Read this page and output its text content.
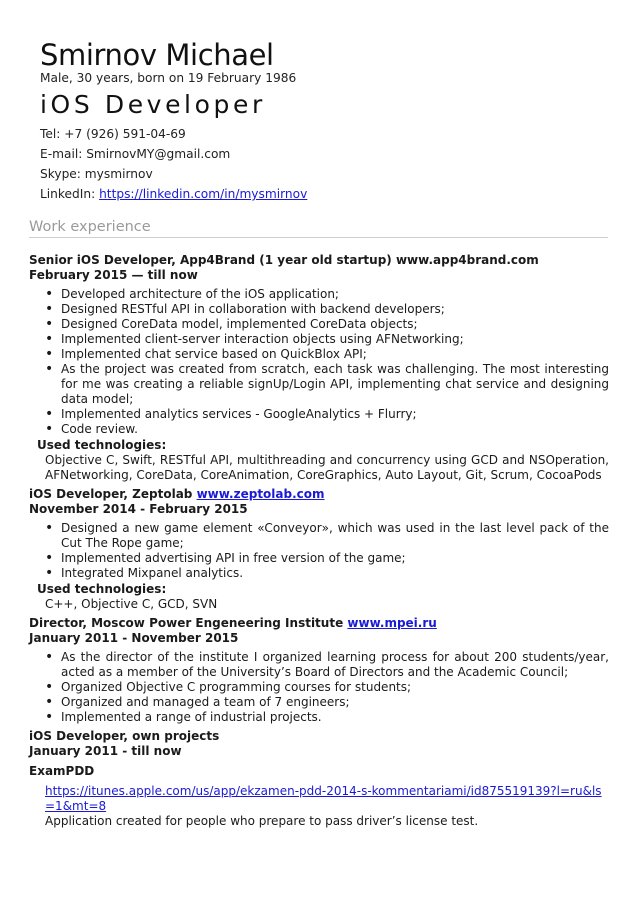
Smirnov Michael
Male, 30 years, born on 19 February 1986
iOS Developer
Tel: +7 (926) 591-04-69
E-mail: SmirnovMY@gmail.com
Skype: mysmirnov
LinkedIn: https://linkedin.com/in/mysmirnov
Work experience
Senior iOS Developer, App4Brand (1 year old startup) www.app4brand.com
February 2015 — till now
• Developed architecture of the iOS application;
• Designed RESTful API in collaboration with backend developers;
• Designed CoreData model, implemented CoreData objects;
• Implemented client-server interaction objects using AFNetworking;
• Implemented chat service based on QuickBlox API;
• As the project was created from scratch, each task was challenging. The most interesting for me was creating a reliable signUp/Login API, implementing chat service and designing data model;
• Implemented analytics services - GoogleAnalytics + Flurry;
• Code review.
Used technologies:
Objective C, Swift, RESTful API, multithreading and concurrency using GCD and NSOperation, AFNetworking, CoreData, CoreAnimation, CoreGraphics, Auto Layout, Git, Scrum, CocoaPods
iOS Developer, Zeptolab www.zeptolab.com
November 2014 - February 2015
• Designed a new game element «Conveyor», which was used in the last level pack of the Cut The Rope game;
• Implemented advertising API in free version of the game;
• Integrated Mixpanel analytics.
Used technologies:
C++, Objective C, GCD, SVN
Director, Moscow Power Engeneering Institute www.mpei.ru
January 2011 - November 2015
• As the director of the institute I organized learning process for about 200 students/year, acted as a member of the University’s Board of Directors and the Academic Council;
• Organized Objective C programming courses for students;
• Organized and managed a team of 7 engineers;
• Implemented a range of industrial projects.
iOS Developer, own projects
January 2011 - till now
ExamPDD
https://itunes.apple.com/us/app/ekzamen-pdd-2014-s-kommentariami/id875519139?l=ru&ls=1&mt=8
Application created for people who prepare to pass driver’s license test.
